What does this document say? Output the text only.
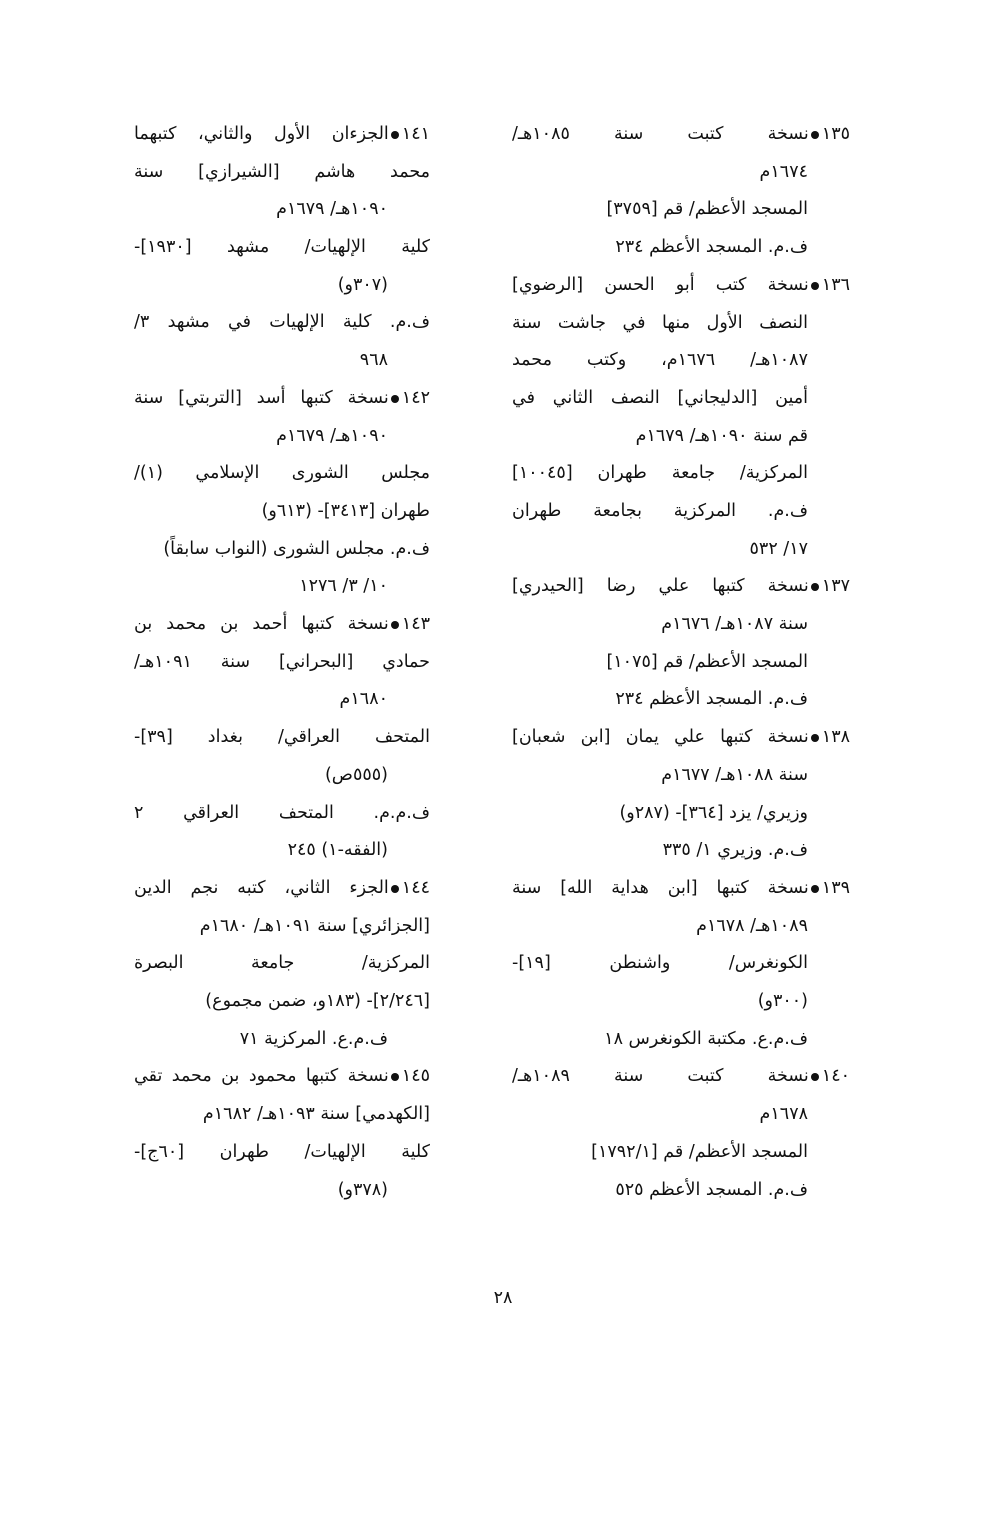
١٣٥
نسخة كتبت سنة ١٠٨٥هـ/
١٦٧٤م
المسجد الأعظم/ قم [٣٧٥٩]
ف.م. المسجد الأعظم ٢٣٤
١٣٦
نسخة كتب أبو الحسن [الرضوي]
النصف الأول منها في جاشت سنة
١٠٨٧هـ/ ١٦٧٦م، وكتب محمد
أمين [الدليجاني] النصف الثاني في
قم سنة ١٠٩٠هـ/ ١٦٧٩م
المركزية/ جامعة طهران [١٠٠٤٥]
ف.م. المركزية بجامعة طهران
١٧/ ٥٣٢
١٣٧
نسخة كتبها علي رضا [الحيدري]
سنة ١٠٨٧هـ/ ١٦٧٦م
المسجد الأعظم/ قم [١٠٧٥]
ف.م. المسجد الأعظم ٢٣٤
١٣٨
نسخة كتبها علي يمان [ابن شعبان]
سنة ١٠٨٨هـ/ ١٦٧٧م
وزيري/ يزد [٣٦٤]- (٢٨٧و)
ف.م. وزيري ١/ ٣٣٥
١٣٩
نسخة كتبها [ابن هداية الله] سنة
١٠٨٩هـ/ ١٦٧٨م
الكونغرس/ واشنطن [١٩]-
(٣٠٠و)
ف.م.ع. مكتبة الكونغرس ١٨
١٤٠
نسخة كتبت سنة ١٠٨٩هـ/
١٦٧٨م
المسجد الأعظم/ قم [١٧٩٢/١]
ف.م. المسجد الأعظم ٥٢٥
١٤١
الجزءان الأول والثاني، كتبهما
محمد هاشم [الشيرازي] سنة
١٠٩٠هـ/ ١٦٧٩م
كلية الإلهيات/ مشهد [١٩٣٠]-
(٣٠٧و)
ف.م. كلية الإلهيات في مشهد ٣/
٩٦٨
١٤٢
نسخة كتبها أسد [التربتي] سنة
١٠٩٠هـ/ ١٦٧٩م
مجلس الشورى الإسلامي (١)/
طهران [٣٤١٣]- (٦١٣و)
ف.م. مجلس الشورى (النواب سابقاً)
١٠/ ٣/ ١٢٧٦
١٤٣
نسخة كتبها أحمد بن محمد بن
حمادي [البحراني] سنة ١٠٩١هـ/
١٦٨٠م
المتحف العراقي/ بغداد [٣٩]-
(٥٥٥ص)
ف.م.م. المتحف العراقي ٢
(الفقه-١) ٢٤٥
١٤٤
الجزء الثاني، كتبه نجم الدين
[الجزائري] سنة ١٠٩١هـ/ ١٦٨٠م
المركزية/ جامعة البصرة
[٢/٢٤٦]- (١٨٣و، ضمن مجموع)
ف.م.ع. المركزية ٧١
١٤٥
نسخة كتبها محمود بن محمد تقي
[الكهدمي] سنة ١٠٩٣هـ/ ١٦٨٢م
كلية الإلهيات/ طهران [٦٠ج]-
(٣٧٨و)
٢٨
